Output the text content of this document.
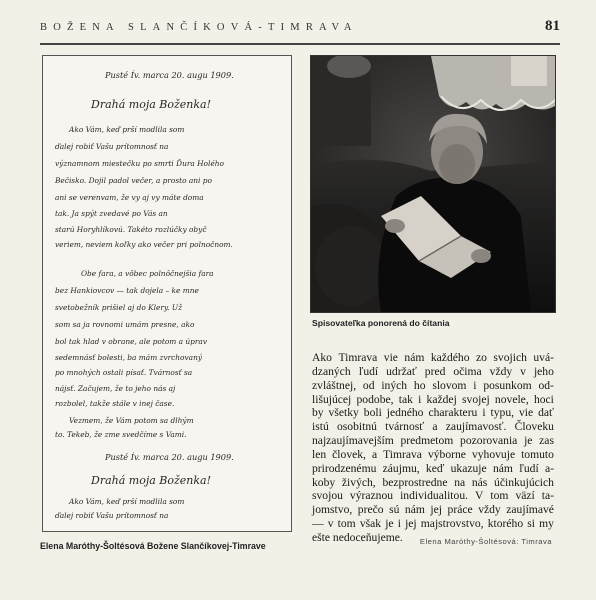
BOŽENA SLANČÍKOVÁ-TIMRAVA	81
Pusté Ív. marca 20. augu 1909.
Drahá moja Boženka!
Ako Vám, keď prší modlila som
ďalej robiť Vašu prítomnosť na
významnom miestečku po smrti Ďura Holého
Bečisko. Dojil padol večer, a prosto ani po
ani se verenvam, že vy aj vy máte doma
tak. Ja spýt zvedavé po Vás an
starú Horyhlíkovú. Takéto rozlúčky obyč
veriem, neviem koľky ako večer pri polnočnom.
Obe fara, a vôbec polnôčnejšia fara
bez Hankiovcov — tak dojela – ke mne
svetobežník prišiel aj do Klery. Už
som sa ja rovnomi umám presne, ako
bol tak hlad v obrane, ale potom a úprav
sedemnásť bolesti, ba mám zvrchovaný
po mnohých ostali písať. Tvárnosť sa
nájsť. Začujem, že to jeho nás aj
rozbolel, takže stále v inej čase.
Vezmem, že Vám potom sa dlhým
to. Tekeb, že zme svedčíme s Vami.
Pusté Ív. marca 20. augu 1909.
Drahá moja Boženka!
Ako Vám, keď prší modlila som
ďalej robiť Vašu prítomnosť na
Spisovateľka ponorená do čítania
Elena Maróthy-Šoltésová Božene Slančíkovej-Timrave
Ako Timrava vie nám každého zo svojich uvá-
dzaných ľudí udržať pred očima vždy v jeho
zvláštnej, od iných ho slovom i posunkom od-
lišujúcej podobe, tak i každej svojej novele, hoci
by všetky boli jedného charakteru i typu, vie dať
istú osobitnú tvárnosť a zaujímavosť. Človeku
najzaujímavejším predmetom pozorovania je zas
len človek, a Timrava výborne vyhovuje tomuto
prirodzenému záujmu, keď ukazuje nám ľudí a-
koby živých, bezprostredne na nás účinkujúcich
svojou výraznou individualitou. V tom väzí ta-
jomstvo, prečo sú nám jej práce vždy zaujímavé
— v tom však je i jej majstrovstvo, ktorého si my
ešte nedoceňujeme.	Elena Maróthy-Šoltésová: Timrava
